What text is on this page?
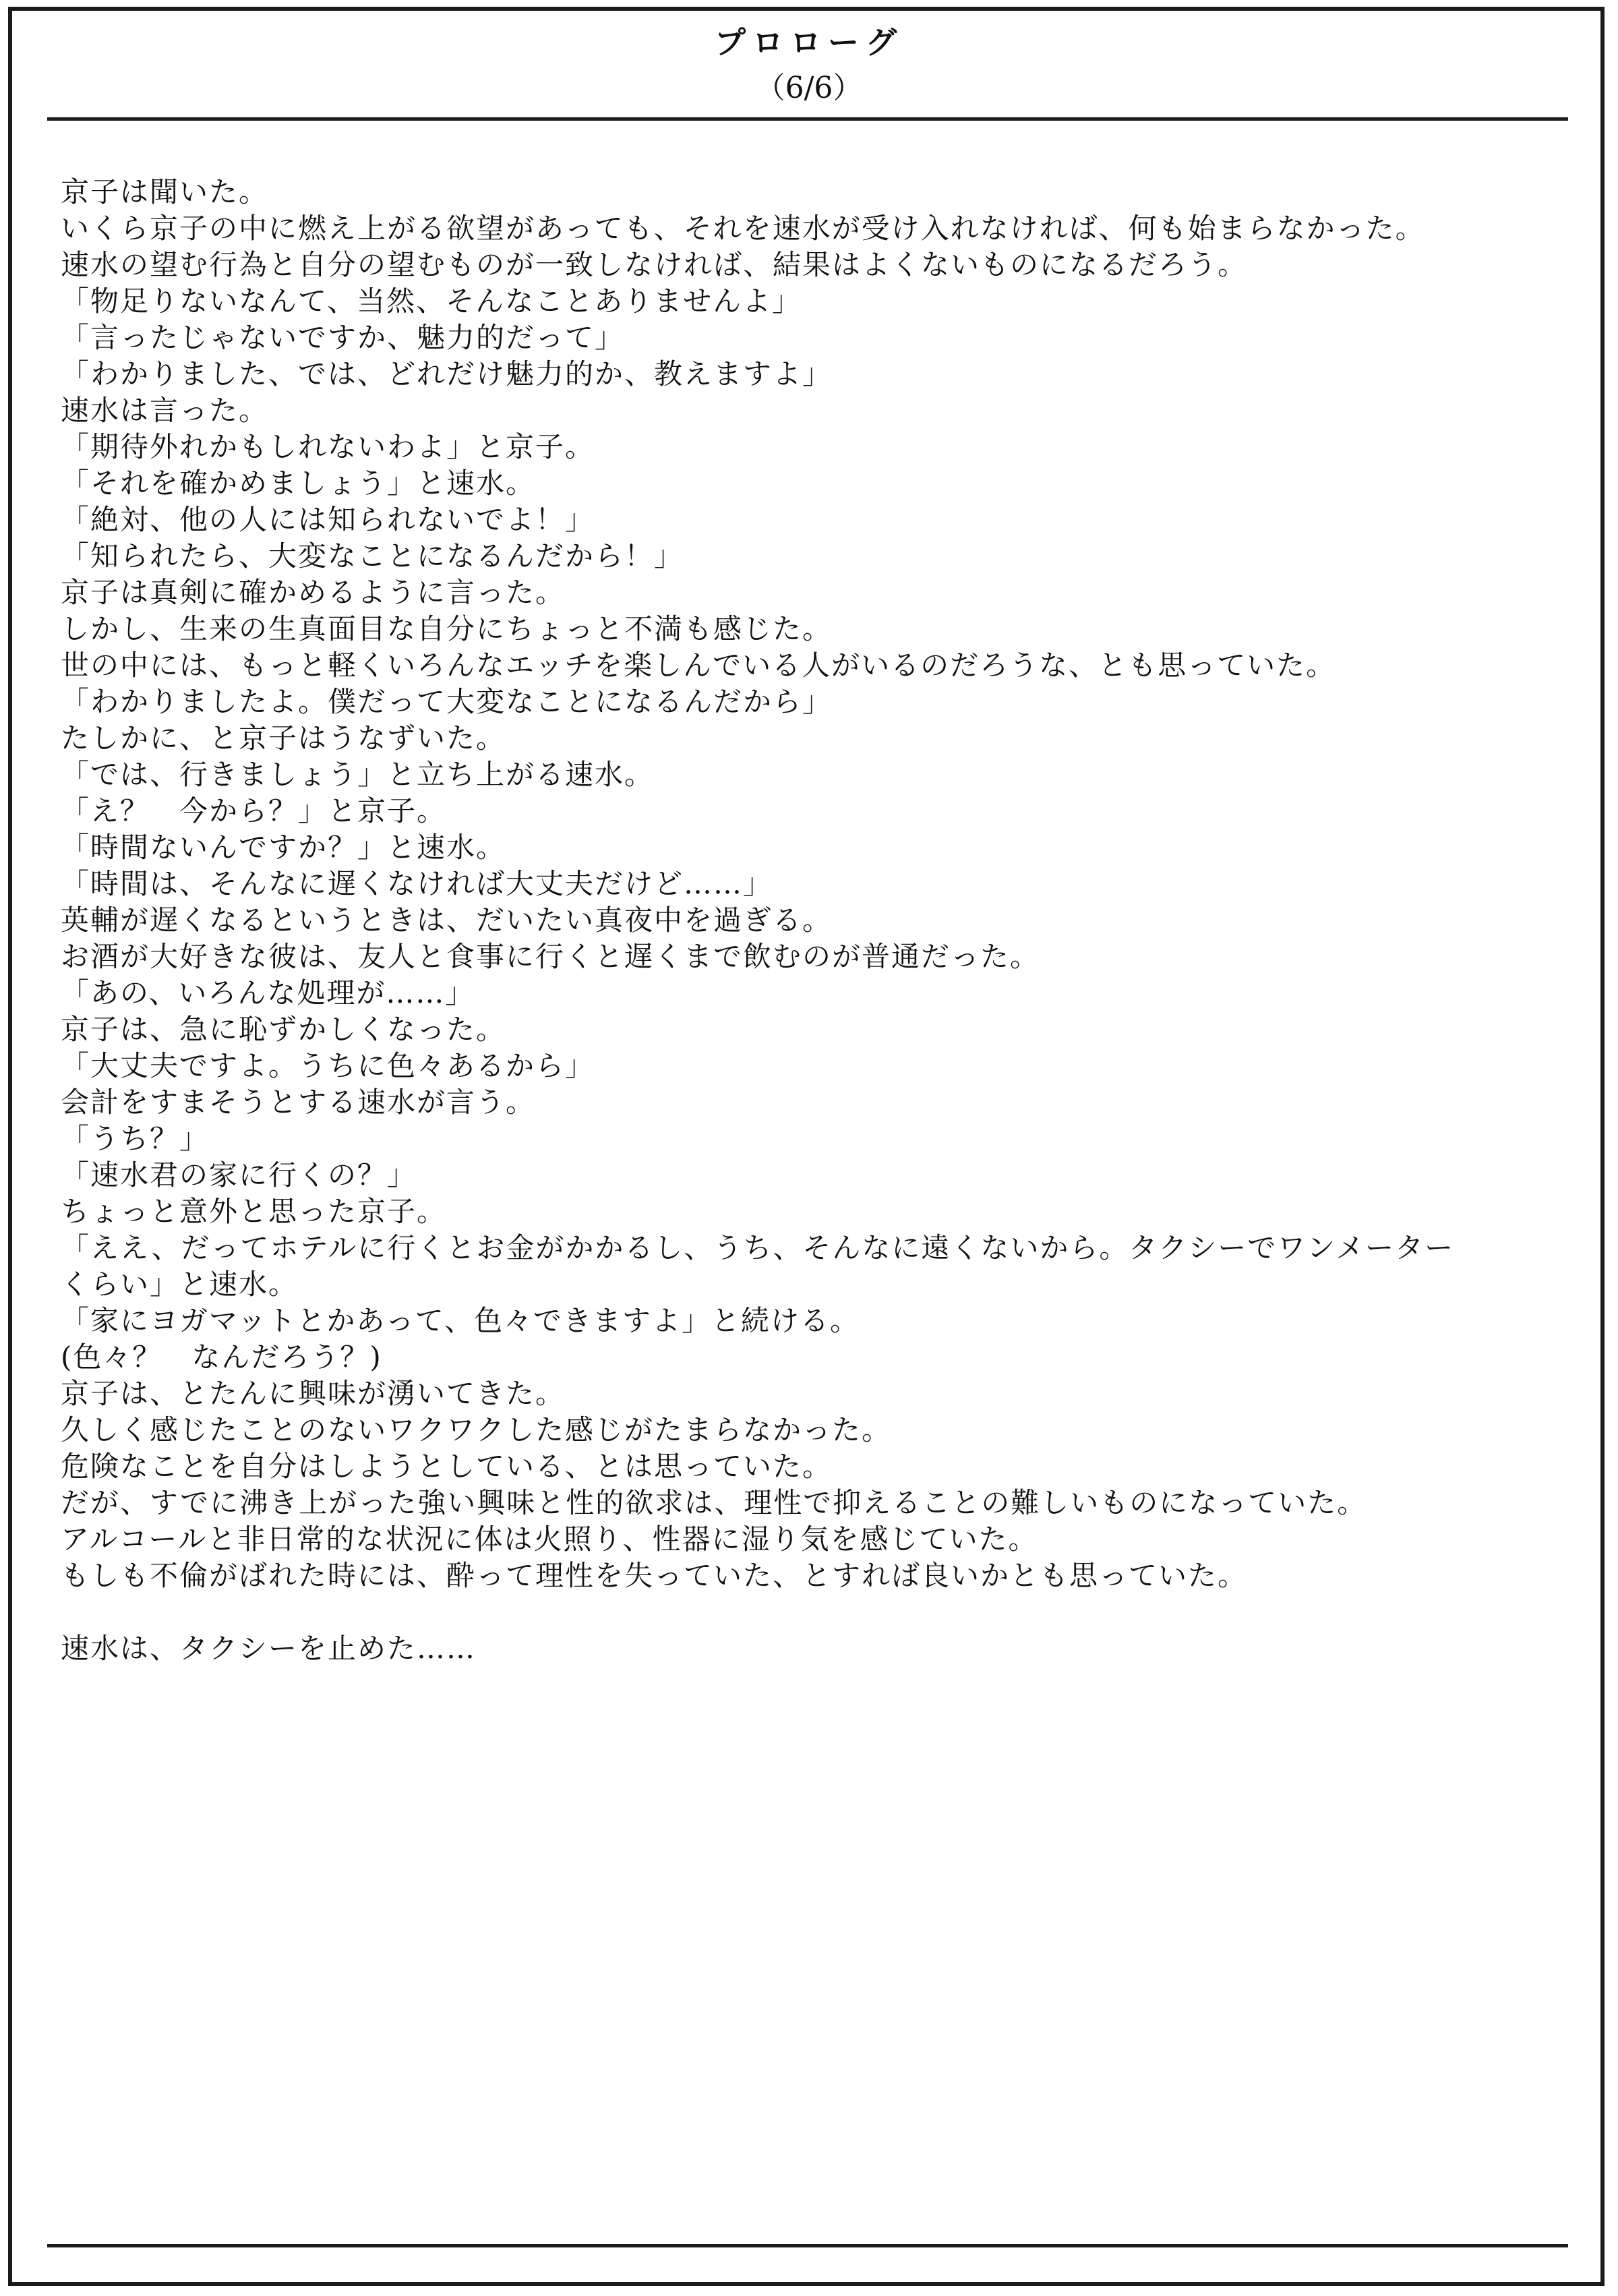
プロローグ
（6/6）
京子は聞いた。
いくら京子の中に燃え上がる欲望があっても、それを速水が受け入れなければ、何も始まらなかった。
速水の望む行為と自分の望むものが一致しなければ、結果はよくないものになるだろう。
「物足りないなんて、当然、そんなことありませんよ」
「言ったじゃないですか、魅力的だって」
「わかりました、では、どれだけ魅力的か、教えますよ」
速水は言った。
「期待外れかもしれないわよ」と京子。
「それを確かめましょう」と速水。
「絶対、他の人には知られないでよ！」
「知られたら、大変なことになるんだから！」
京子は真剣に確かめるように言った。
しかし、生来の生真面目な自分にちょっと不満も感じた。
世の中には、もっと軽くいろんなエッチを楽しんでいる人がいるのだろうな、とも思っていた。
「わかりましたよ。僕だって大変なことになるんだから」
たしかに、と京子はうなずいた。
「では、行きましょう」と立ち上がる速水。
「え？　今から？」と京子。
「時間ないんですか？」と速水。
「時間は、そんなに遅くなければ大丈夫だけど……」
英輔が遅くなるというときは、だいたい真夜中を過ぎる。
お酒が大好きな彼は、友人と食事に行くと遅くまで飲むのが普通だった。
「あの、いろんな処理が……」
京子は、急に恥ずかしくなった。
「大丈夫ですよ。うちに色々あるから」
会計をすまそうとする速水が言う。
「うち？」
「速水君の家に行くの？」
ちょっと意外と思った京子。
「ええ、だってホテルに行くとお金がかかるし、うち、そんなに遠くないから。タクシーでワンメーター
くらい」と速水。
「家にヨガマットとかあって、色々できますよ」と続ける。
(色々？　なんだろう？)
京子は、とたんに興味が湧いてきた。
久しく感じたことのないワクワクした感じがたまらなかった。
危険なことを自分はしようとしている、とは思っていた。
だが、すでに沸き上がった強い興味と性的欲求は、理性で抑えることの難しいものになっていた。
アルコールと非日常的な状況に体は火照り、性器に湿り気を感じていた。
もしも不倫がばれた時には、酔って理性を失っていた、とすれば良いかとも思っていた。
速水は、タクシーを止めた……
